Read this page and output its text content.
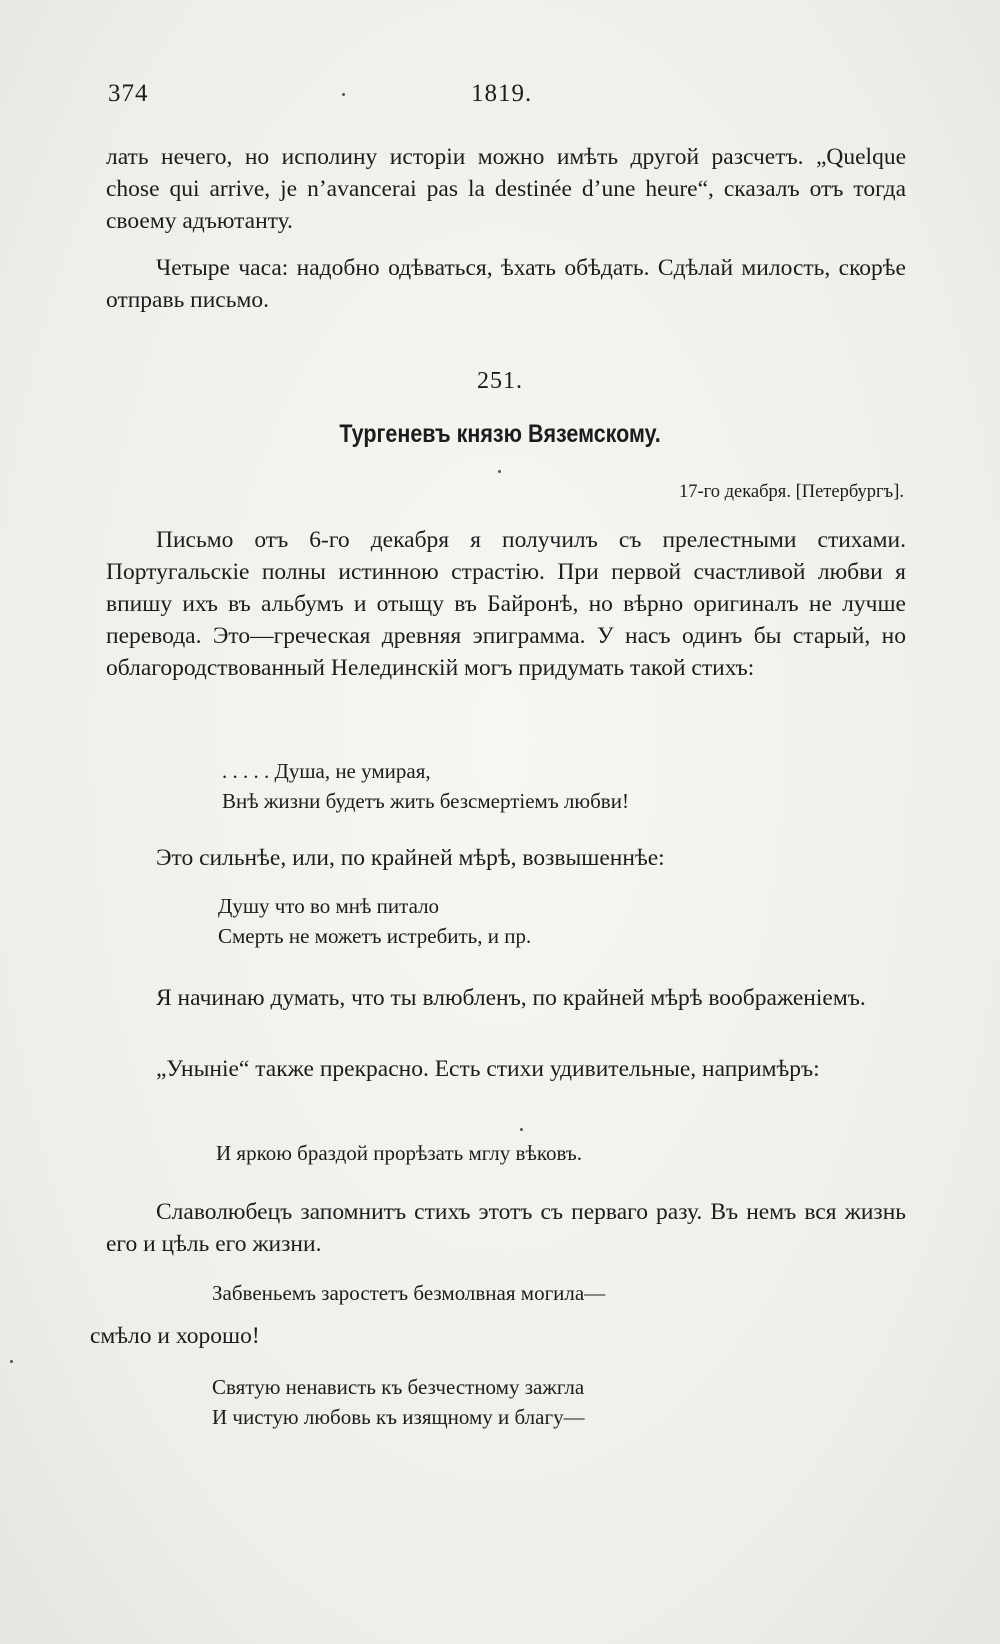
374	1819.

лать нечего, но исполину исторіи можно имѣть другой разсчетъ. „Quelque chose qui arrive, je n’avancerai pas la destinée d’une heure“, сказалъ отъ тогда своему адъютанту.

Четыре часа: надобно одѣваться, ѣхать обѣдать. Сдѣлай милость, скорѣе отправь письмо.

251.

Тургеневъ князю Вяземскому.

17-го декабря. [Петербургъ].

Письмо отъ 6-го декабря я получилъ съ прелестными стихами. Португальскіе полны истинною страстію. При первой счастливой любви я впишу ихъ въ альбумъ и отыщу въ Байронѣ, но вѣрно оригиналъ не лучше перевода. Это—греческая древняя эпиграмма. У насъ одинъ бы старый, но облагородствованный Нелединскій могъ придумать такой стихъ:

. . . . . Душа, не умирая,
Внѣ жизни будетъ жить безсмертіемъ любви!

Это сильнѣе, или, по крайней мѣрѣ, возвышеннѣе:

Душу что во мнѣ питало
Смерть не можетъ истребить, и пр.

Я начинаю думать, что ты влюбленъ, по крайней мѣрѣ воображеніемъ.

„Унынiе“ также прекрасно. Есть стихи удивительные, напримѣръ:

И яркою браздой прорѣзать мглу вѣковъ.

Славолюбецъ запомнитъ стихъ этотъ съ перваго разу. Въ немъ вся жизнь его и цѣль его жизни.

Забвеньемъ заростетъ безмолвная могила—

смѣло и хорошо!

Святую ненависть къ безчестному зажгла
И чистую любовь къ изящному и благу—
